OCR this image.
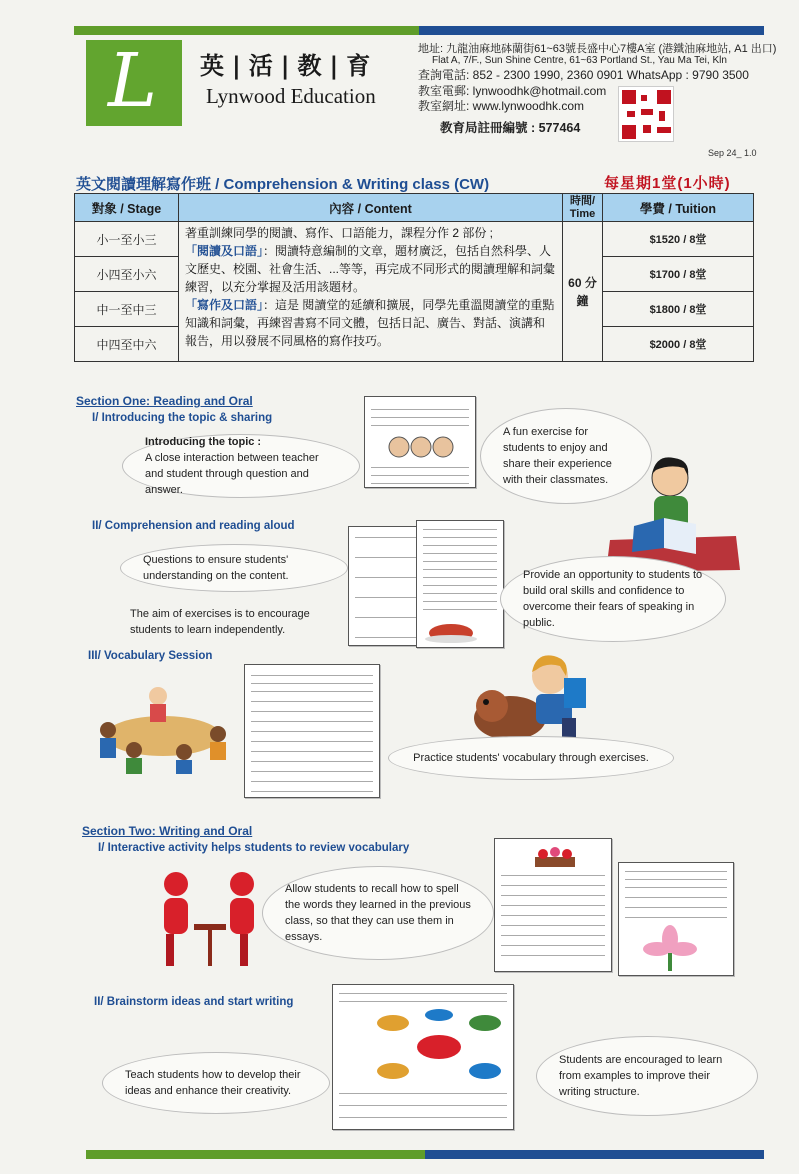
L 英|活|教|育
Lynwood Education
地址: 九龍油麻地砵蘭街61~63號長盛中心7樓A室 (港鐵油麻地站, A1 出口)
Flat A, 7/F., Sun Shine Centre, 61~63 Portland St., Yau Ma Tei, Kln
查詢電話: 852 - 2300 1990, 2360 0901 WhatsApp : 9790 3500
教室電郵: lynwoodhk@hotmail.com
教室網址: www.lynwoodhk.com
教育局註冊編號 : 577464
Sep 24_ 1.0
英文閱讀理解寫作班 / Comprehension & Writing class (CW)	每星期1堂(1小時)
對象 / Stage	內容 / Content	時間/ Time	學費 / Tuition
小一至小三	著重訓練同學的閱讀、寫作、口語能力，課程分作 2 部份 ;
「閱讀及口語」：閱讀特意編制的文章，題材廣泛，包括自然科學、人文歷史、校園、社會生活、...等等，再完成不同形式的閱讀理解和詞彙練習，以充分掌握及活用該題材。
「寫作及口語」：這是 閱讀堂的延續和擴展，同學先重溫閱讀堂的重點知識和詞彙，再練習書寫不同文體，包括日記、廣告、對話、演講和報告，用以發展不同風格的寫作技巧。	60 分鐘	$1520 / 8堂
小四至小六			$1700 / 8堂
中一至中三			$1800 / 8堂
中四至中六			$2000 / 8堂
Section One: Reading and Oral
I/ Introducing the topic & sharing
Introducing the topic :
A close interaction between teacher and student through question and answer.
A fun exercise for students to enjoy and share their experience with their classmates.
II/ Comprehension and reading aloud
Questions to ensure students' understanding on the content.
The aim of exercises is to encourage students to learn independently.
Provide an opportunity to students to build oral skills and confidence to overcome their fears of speaking in public.
III/ Vocabulary Session
Practice students' vocabulary through exercises.
Section Two: Writing and Oral
I/ Interactive activity helps students to review vocabulary
Allow students to recall how to spell the words they learned in the previous class, so that they can use them in essays.
II/ Brainstorm ideas and start writing
Teach students how to develop their ideas and enhance their creativity.
Students are encouraged to learn from examples to improve their writing structure.
